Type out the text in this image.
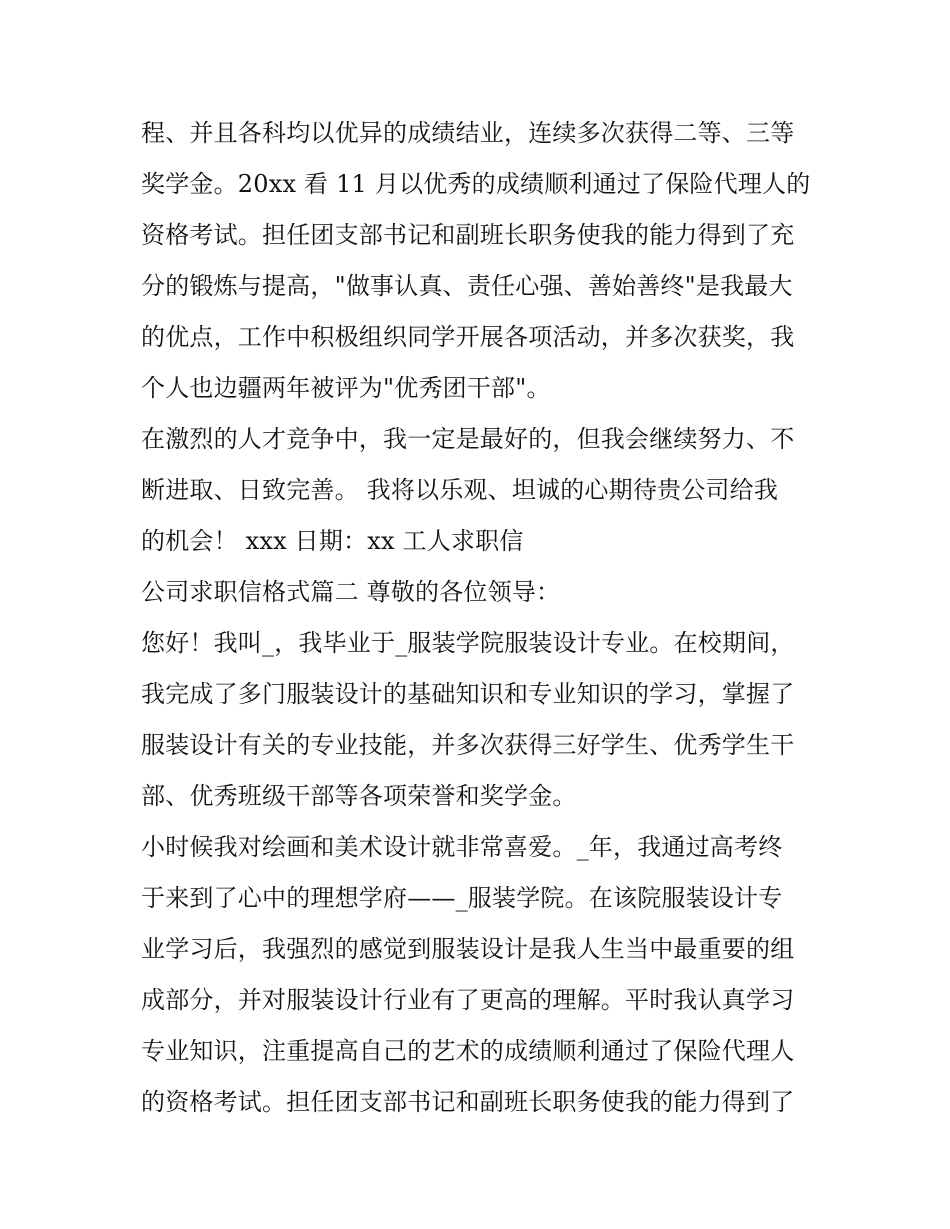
程、并且各科均以优异的成绩结业，连续多次获得二等、三等
奖学金。20xx 看 11 月以优秀的成绩顺利通过了保险代理人的
资格考试。担任团支部书记和副班长职务使我的能力得到了充
分的锻炼与提高，"做事认真、责任心强、善始善终"是我最大
的优点，工作中积极组织同学开展各项活动，并多次获奖，我
个人也边疆两年被评为"优秀团干部"。
在激烈的人才竞争中，我一定是最好的，但我会继续努力、不
断进取、日致完善。 我将以乐观、坦诚的心期待贵公司给我
的机会！ xxx 日期：xx 工人求职信
公司求职信格式篇二 尊敬的各位领导：
您好！我叫_，我毕业于_服装学院服装设计专业。在校期间，
我完成了多门服装设计的基础知识和专业知识的学习，掌握了
服装设计有关的专业技能，并多次获得三好学生、优秀学生干
部、优秀班级干部等各项荣誉和奖学金。
小时候我对绘画和美术设计就非常喜爱。_年，我通过高考终
于来到了心中的理想学府——_服装学院。在该院服装设计专
业学习后，我强烈的感觉到服装设计是我人生当中最重要的组
成部分，并对服装设计行业有了更高的理解。平时我认真学习
专业知识，注重提高自己的艺术的成绩顺利通过了保险代理人
的资格考试。担任团支部书记和副班长职务使我的能力得到了
